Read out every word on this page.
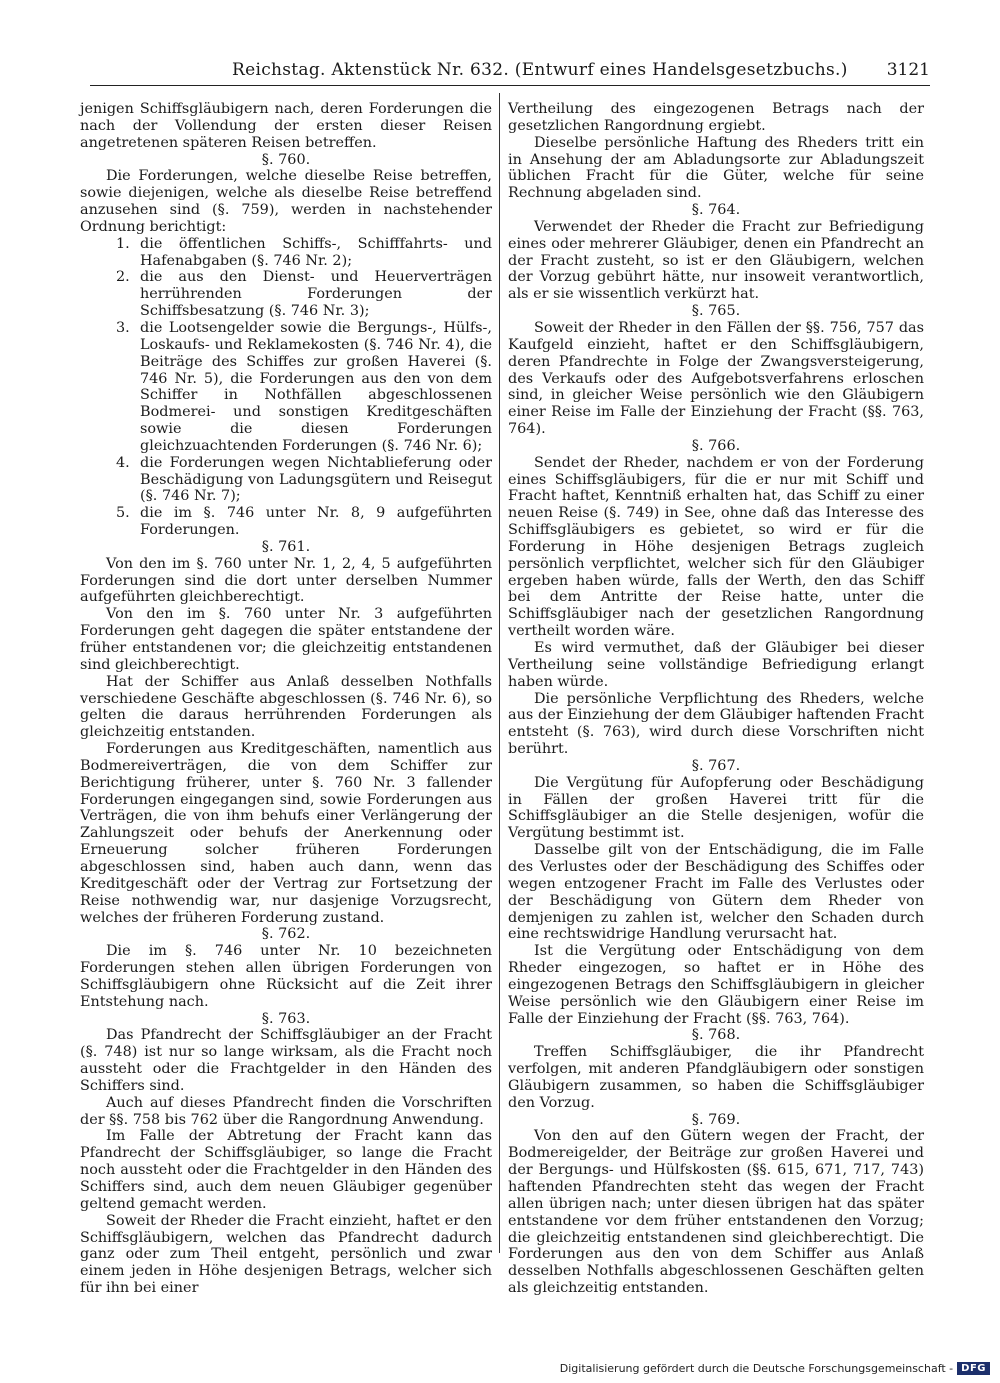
Reichstag. Aktenstück Nr. 632. (Entwurf eines Handelsgesetzbuchs.) 3121

jenigen Schiffsgläubigern nach, deren Forderungen die nach der Vollendung der ersten dieser Reisen angetretenen späteren Reisen betreffen.

§. 760.

Die Forderungen, welche dieselbe Reise betreffen, sowie diejenigen, welche als dieselbe Reise betreffend anzusehen sind (§. 759), werden in nachstehender Ordnung berichtigt:

1. die öffentlichen Schiffs-, Schifffahrts- und Hafenabgaben (§. 746 Nr. 2);
2. die aus den Dienst- und Heuerverträgen herrührenden Forderungen der Schiffsbesatzung (§. 746 Nr. 3);
3. die Lootsengelder sowie die Bergungs-, Hülfs-, Loskaufs- und Reklamekosten (§. 746 Nr. 4), die Beiträge des Schiffes zur großen Haverei (§. 746 Nr. 5), die Forderungen aus den von dem Schiffer in Nothfällen abgeschlossenen Bodmerei- und sonstigen Kreditgeschäften sowie die diesen Forderungen gleichzuachtenden Forderungen (§. 746 Nr. 6);
4. die Forderungen wegen Nichtablieferung oder Beschädigung von Ladungsgütern und Reisegut (§. 746 Nr. 7);
5. die im §. 746 unter Nr. 8, 9 aufgeführten Forderungen.
§. 761.

Von den im §. 760 unter Nr. 1, 2, 4, 5 aufgeführten Forderungen sind die dort unter derselben Nummer aufgeführten gleichberechtigt.

Von den im §. 760 unter Nr. 3 aufgeführten Forderungen geht dagegen die später entstandene der früher entstandenen vor; die gleichzeitig entstandenen sind gleichberechtigt.

Hat der Schiffer aus Anlaß desselben Nothfalls verschiedene Geschäfte abgeschlossen (§. 746 Nr. 6), so gelten die daraus herrührenden Forderungen als gleichzeitig entstanden.

Forderungen aus Kreditgeschäften, namentlich aus Bodmereiverträgen, die von dem Schiffer zur Berichtigung früherer, unter §. 760 Nr. 3 fallender Forderungen eingegangen sind, sowie Forderungen aus Verträgen, die von ihm behufs einer Verlängerung der Zahlungszeit oder behufs der Anerkennung oder Erneuerung solcher früheren Forderungen abgeschlossen sind, haben auch dann, wenn das Kreditgeschäft oder der Vertrag zur Fortsetzung der Reise nothwendig war, nur dasjenige Vorzugsrecht, welches der früheren Forderung zustand.

§. 762.

Die im §. 746 unter Nr. 10 bezeichneten Forderungen stehen allen übrigen Forderungen von Schiffsgläubigern ohne Rücksicht auf die Zeit ihrer Entstehung nach.

§. 763.

Das Pfandrecht der Schiffsgläubiger an der Fracht (§. 748) ist nur so lange wirksam, als die Fracht noch aussteht oder die Frachtgelder in den Händen des Schiffers sind.

Auch auf dieses Pfandrecht finden die Vorschriften der §§. 758 bis 762 über die Rangordnung Anwendung.

Im Falle der Abtretung der Fracht kann das Pfandrecht der Schiffsgläubiger, so lange die Fracht noch aussteht oder die Frachtgelder in den Händen des Schiffers sind, auch dem neuen Gläubiger gegenüber geltend gemacht werden.

Soweit der Rheder die Fracht einzieht, haftet er den Schiffsgläubigern, welchen das Pfandrecht dadurch ganz oder zum Theil entgeht, persönlich und zwar einem jeden in Höhe desjenigen Betrags, welcher sich für ihn bei einer

Vertheilung des eingezogenen Betrags nach der gesetzlichen Rangordnung ergiebt.

Dieselbe persönliche Haftung des Rheders tritt ein in Ansehung der am Abladungsorte zur Abladungszeit üblichen Fracht für die Güter, welche für seine Rechnung abgeladen sind.

§. 764.

Verwendet der Rheder die Fracht zur Befriedigung eines oder mehrerer Gläubiger, denen ein Pfandrecht an der Fracht zusteht, so ist er den Gläubigern, welchen der Vorzug gebührt hätte, nur insoweit verantwortlich, als er sie wissentlich verkürzt hat.

§. 765.

Soweit der Rheder in den Fällen der §§. 756, 757 das Kaufgeld einzieht, haftet er den Schiffsgläubigern, deren Pfandrechte in Folge der Zwangsversteigerung, des Verkaufs oder des Aufgebotsverfahrens erloschen sind, in gleicher Weise persönlich wie den Gläubigern einer Reise im Falle der Einziehung der Fracht (§§. 763, 764).

§. 766.

Sendet der Rheder, nachdem er von der Forderung eines Schiffsgläubigers, für die er nur mit Schiff und Fracht haftet, Kenntniß erhalten hat, das Schiff zu einer neuen Reise (§. 749) in See, ohne daß das Interesse des Schiffsgläubigers es gebietet, so wird er für die Forderung in Höhe desjenigen Betrags zugleich persönlich verpflichtet, welcher sich für den Gläubiger ergeben haben würde, falls der Werth, den das Schiff bei dem Antritte der Reise hatte, unter die Schiffsgläubiger nach der gesetzlichen Rangordnung vertheilt worden wäre.

Es wird vermuthet, daß der Gläubiger bei dieser Vertheilung seine vollständige Befriedigung erlangt haben würde.

Die persönliche Verpflichtung des Rheders, welche aus der Einziehung der dem Gläubiger haftenden Fracht entsteht (§. 763), wird durch diese Vorschriften nicht berührt.

§. 767.

Die Vergütung für Aufopferung oder Beschädigung in Fällen der großen Haverei tritt für die Schiffsgläubiger an die Stelle desjenigen, wofür die Vergütung bestimmt ist.

Dasselbe gilt von der Entschädigung, die im Falle des Verlustes oder der Beschädigung des Schiffes oder wegen entzogener Fracht im Falle des Verlustes oder der Beschädigung von Gütern dem Rheder von demjenigen zu zahlen ist, welcher den Schaden durch eine rechtswidrige Handlung verursacht hat.

Ist die Vergütung oder Entschädigung von dem Rheder eingezogen, so haftet er in Höhe des eingezogenen Betrags den Schiffsgläubigern in gleicher Weise persönlich wie den Gläubigern einer Reise im Falle der Einziehung der Fracht (§§. 763, 764).

§. 768.

Treffen Schiffsgläubiger, die ihr Pfandrecht verfolgen, mit anderen Pfandgläubigern oder sonstigen Gläubigern zusammen, so haben die Schiffsgläubiger den Vorzug.

§. 769.

Von den auf den Gütern wegen der Fracht, der Bodmereigelder, der Beiträge zur großen Haverei und der Bergungs- und Hülfskosten (§§. 615, 671, 717, 743) haftenden Pfandrechten steht das wegen der Fracht allen übrigen nach; unter diesen übrigen hat das später entstandene vor dem früher entstandenen den Vorzug; die gleichzeitig entstandenen sind gleichberechtigt. Die Forderungen aus den von dem Schiffer aus Anlaß desselben Nothfalls abgeschlossenen Geschäften gelten als gleichzeitig entstanden.

Digitalisierung gefördert durch die Deutsche Forschungsgemeinschaft - DFG
